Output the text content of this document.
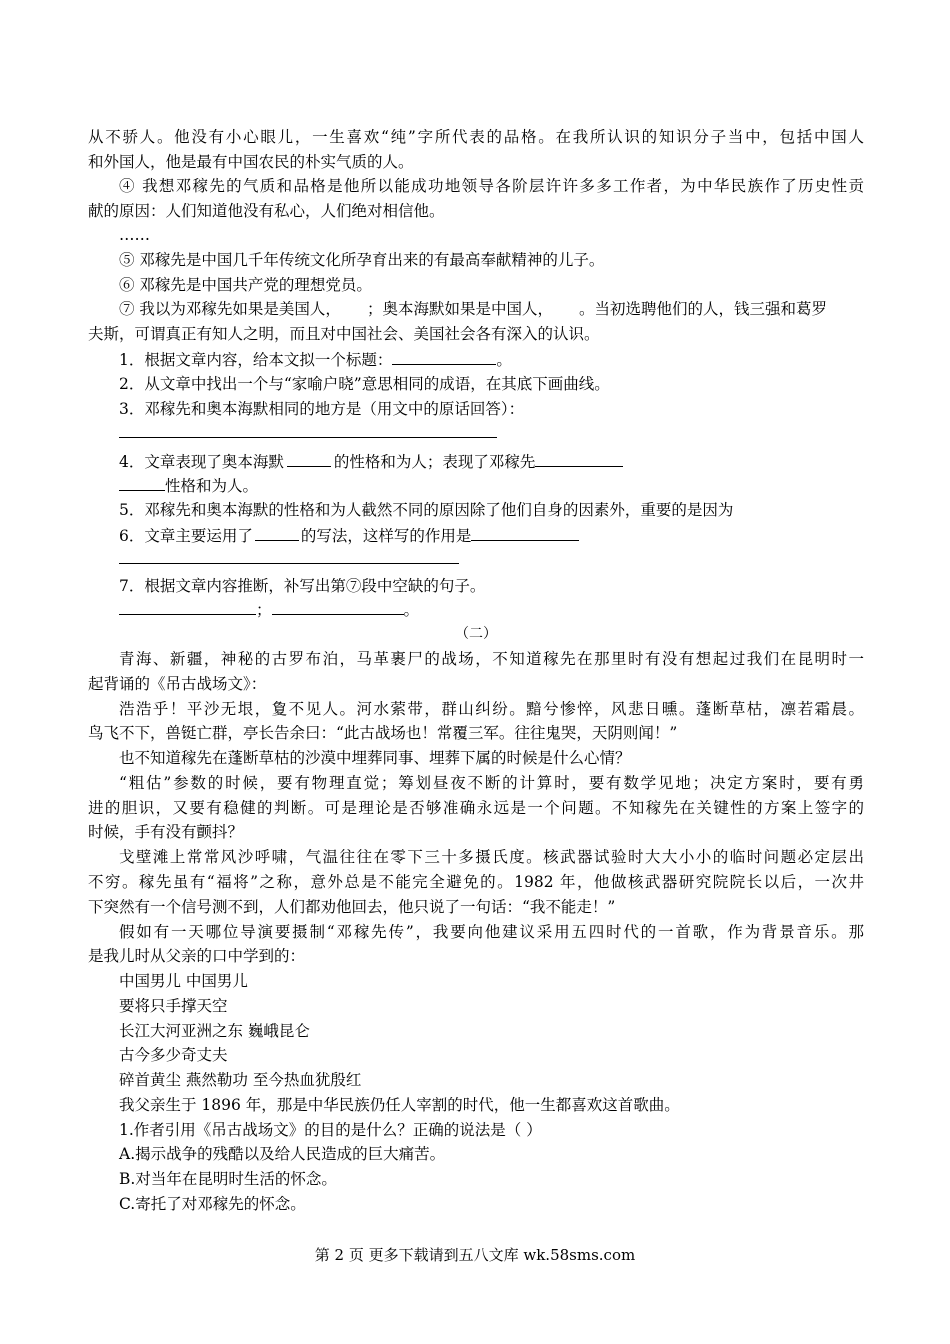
从不骄人。他没有小心眼儿，一生喜欢“纯”字所代表的品格。在我所认识的知识分子当中，包括中国人
和外国人，他是最有中国农民的朴实气质的人。
④ 我想邓稼先的气质和品格是他所以能成功地领导各阶层许许多多工作者，为中华民族作了历史性贡
献的原因：人们知道他没有私心，人们绝对相信他。
……
⑤ 邓稼先是中国几千年传统文化所孕育出来的有最高奉献精神的儿子。
⑥ 邓稼先是中国共产党的理想党员。
⑦ 我以为邓稼先如果是美国人， ；奥本海默如果是中国人， 。当初选聘他们的人，钱三强和葛罗
夫斯，可谓真正有知人之明，而且对中国社会、美国社会各有深入的认识。
1．根据文章内容，给本文拟一个标题：	。
2．从文章中找出一个与“家喻户晓”意思相同的成语，在其底下画曲线。
3．邓稼先和奥本海默相同的地方是（用文中的原话回答）：
4．文章表现了奥本海默	的性格和为人；表现了邓稼先
性格和为人。
5．邓稼先和奥本海默的性格和为人截然不同的原因除了他们自身的因素外，重要的是因为
6．文章主要运用了	的写法，这样写的作用是
7．根据文章内容推断，补写出第⑦段中空缺的句子。
；	。
（二）
青海、新疆，神秘的古罗布泊，马革裹尸的战场，不知道稼先在那里时有没有想起过我们在昆明时一
起背诵的《吊古战场文》：
浩浩乎！平沙无垠，夐不见人。河水萦带，群山纠纷。黯兮惨悴，风悲日曛。蓬断草枯，凛若霜晨。
鸟飞不下，兽铤亡群，亭长告余曰：“此古战场也！常覆三军。往往鬼哭，天阴则闻！”
也不知道稼先在蓬断草枯的沙漠中埋葬同事、埋葬下属的时候是什么心情？
“粗估”参数的时候，要有物理直觉；筹划昼夜不断的计算时，要有数学见地；决定方案时，要有勇
进的胆识，又要有稳健的判断。可是理论是否够准确永远是一个问题。不知稼先在关键性的方案上签字的
时候，手有没有颤抖？
戈壁滩上常常风沙呼啸，气温往往在零下三十多摄氏度。核武器试验时大大小小的临时问题必定层出
不穷。稼先虽有“福将”之称，意外总是不能完全避免的。1982 年，他做核武器研究院院长以后，一次井
下突然有一个信号测不到，人们都劝他回去，他只说了一句话：“我不能走！”
假如有一天哪位导演要摄制“邓稼先传”，我要向他建议采用五四时代的一首歌，作为背景音乐。那
是我儿时从父亲的口中学到的：
中国男儿 中国男儿
要将只手撑天空
长江大河亚洲之东 巍峨昆仑
古今多少奇丈夫
碎首黄尘 燕然勒功 至今热血犹殷红
我父亲生于 1896 年，那是中华民族仍任人宰割的时代，他一生都喜欢这首歌曲。
1.作者引用《吊古战场文》的目的是什么？正确的说法是（ ）
A.揭示战争的残酷以及给人民造成的巨大痛苦。
B.对当年在昆明时生活的怀念。
C.寄托了对邓稼先的怀念。
第 2 页 更多下载请到五八文库 wk.58sms.com
